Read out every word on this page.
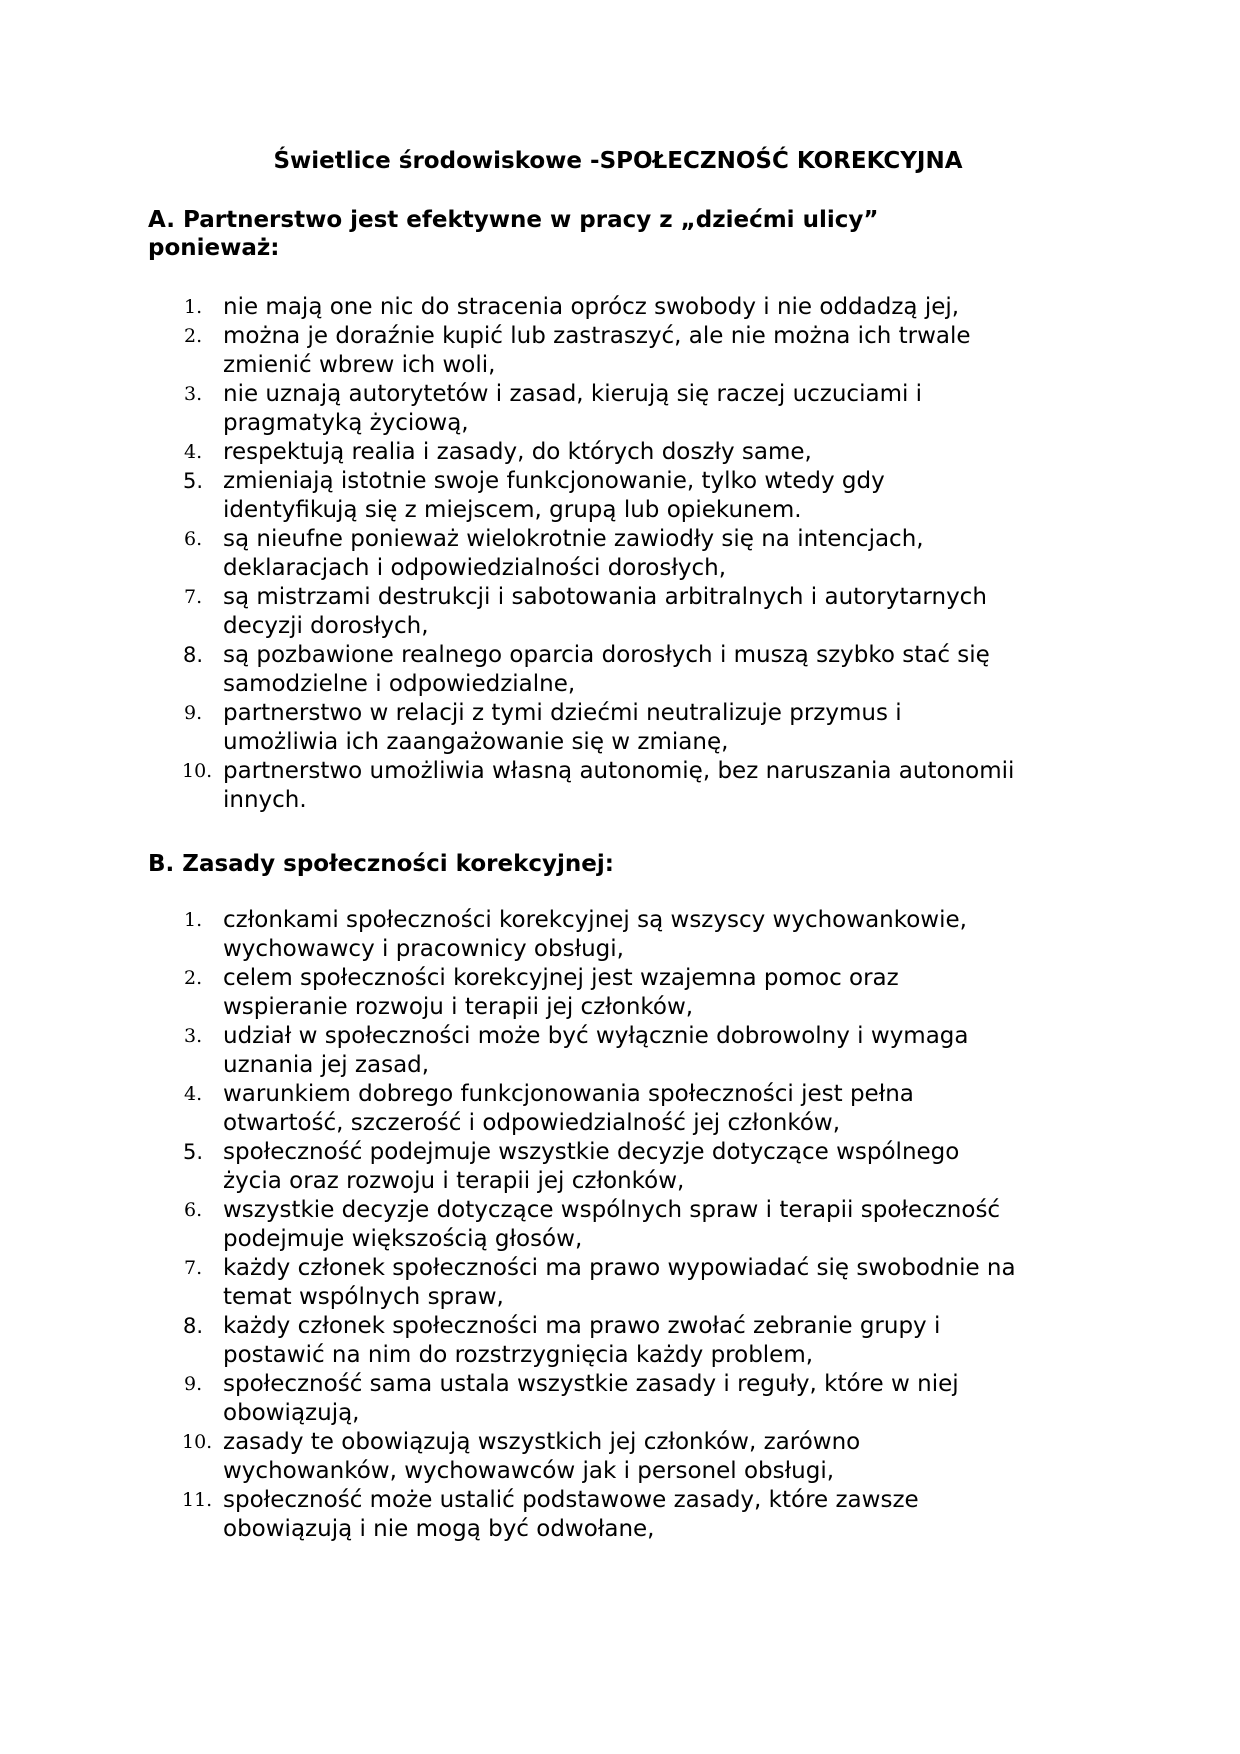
Świetlice środowiskowe -SPOŁECZNOŚĆ KOREKCYJNA
A. Partnerstwo jest efektywne w pracy z „dziećmi ulicy”
ponieważ:
1. nie mają one nic do stracenia oprócz swobody i nie oddadzą jej,
2. można je doraźnie kupić lub zastraszyć, ale nie można ich trwale
zmienić wbrew ich woli,
3. nie uznają autorytetów i zasad, kierują się raczej uczuciami i
pragmatyką życiową,
4. respektują realia i zasady, do których doszły same,
5. zmieniają istotnie swoje funkcjonowanie, tylko wtedy gdy
identyfikują się z miejscem, grupą lub opiekunem.
6. są nieufne ponieważ wielokrotnie zawiodły się na intencjach,
deklaracjach i odpowiedzialności dorosłych,
7. są mistrzami destrukcji i sabotowania arbitralnych i autorytarnych
decyzji dorosłych,
8. są pozbawione realnego oparcia dorosłych i muszą szybko stać się
samodzielne i odpowiedzialne,
9. partnerstwo w relacji z tymi dziećmi neutralizuje przymus i
umożliwia ich zaangażowanie się w zmianę,
10. partnerstwo umożliwia własną autonomię, bez naruszania autonomii
innych.
B. Zasady społeczności korekcyjnej:
1. członkami społeczności korekcyjnej są wszyscy wychowankowie,
wychowawcy i pracownicy obsługi,
2. celem społeczności korekcyjnej jest wzajemna pomoc oraz
wspieranie rozwoju i terapii jej członków,
3. udział w społeczności może być wyłącznie dobrowolny i wymaga
uznania jej zasad,
4. warunkiem dobrego funkcjonowania społeczności jest pełna
otwartość, szczerość i odpowiedzialność jej członków,
5. społeczność podejmuje wszystkie decyzje dotyczące wspólnego
życia oraz rozwoju i terapii jej członków,
6. wszystkie decyzje dotyczące wspólnych spraw i terapii społeczność
podejmuje większością głosów,
7. każdy członek społeczności ma prawo wypowiadać się swobodnie na
temat wspólnych spraw,
8. każdy członek społeczności ma prawo zwołać zebranie grupy i
postawić na nim do rozstrzygnięcia każdy problem,
9. społeczność sama ustala wszystkie zasady i reguły, które w niej
obowiązują,
10. zasady te obowiązują wszystkich jej członków, zarówno
wychowanków, wychowawców jak i personel obsługi,
11. społeczność może ustalić podstawowe zasady, które zawsze
obowiązują i nie mogą być odwołane,
